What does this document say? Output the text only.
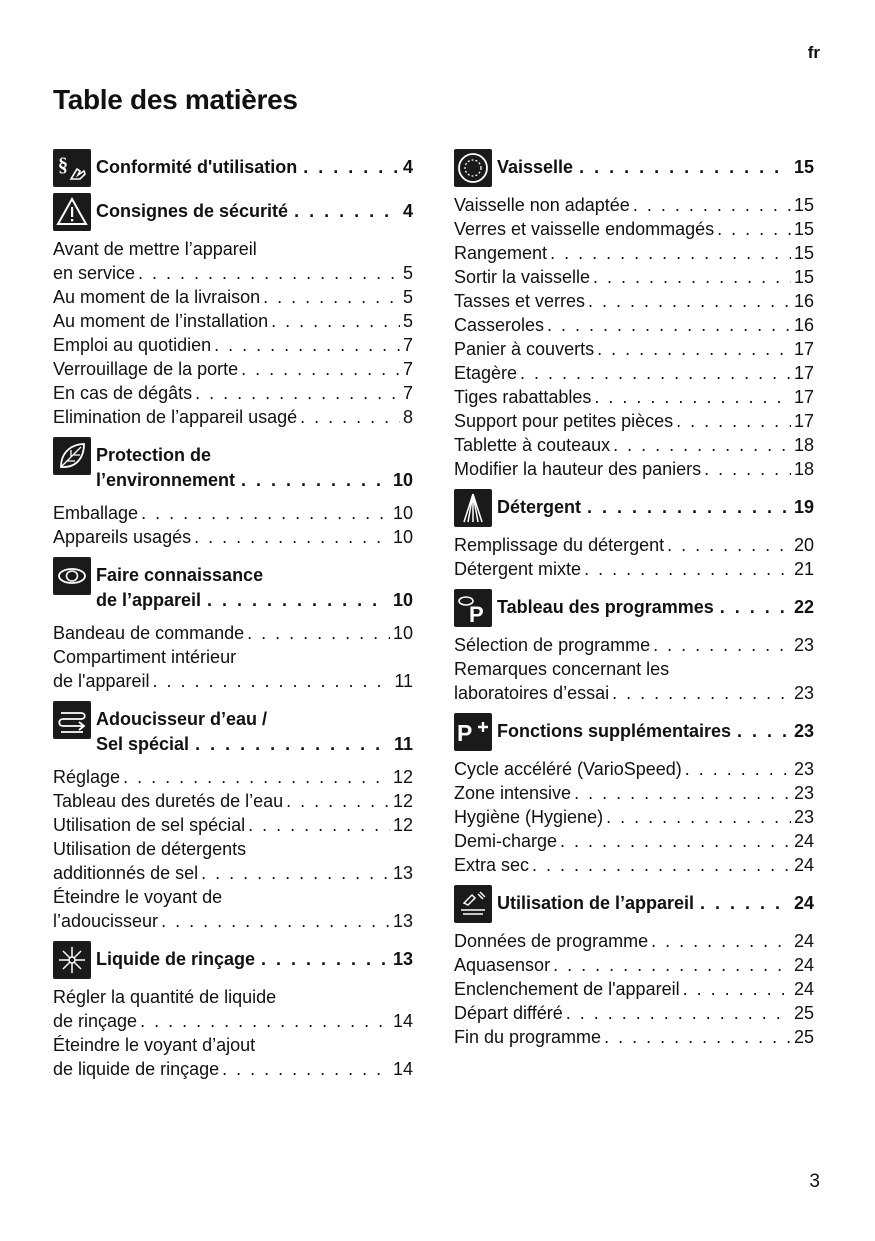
fr
Table des matières
§ Conformité d'utilisation . . .	4
Consignes de sécurité . . .	4
Avant de mettre l’appareil
en service . . .	5
Au moment de la livraison . . .	5
Au moment de l’installation . . .	5
Emploi au quotidien . . .	7
Verrouillage de la porte . . .	7
En cas de dégâts . . .	7
Elimination de l’appareil usagé . . .	8
Protection de
l’environnement . . .	10
Emballage . . .	10
Appareils usagés . . .	10
Faire connaissance
de l’appareil . . .	10
Bandeau de commande . . .	10
Compartiment intérieur
de l'appareil . . .	11
Adoucisseur d’eau /
Sel spécial . . .	11
Réglage . . .	12
Tableau des duretés de l’eau . . .	12
Utilisation de sel spécial . . .	12
Utilisation de détergents
additionnés de sel . . .	13
Éteindre le voyant de
l’adoucisseur . . .	13
Liquide de rinçage . . .	13
Régler la quantité de liquide
de rinçage . . .	14
Éteindre le voyant d’ajout
de liquide de rinçage . . .	14
Vaisselle . . .	15
Vaisselle non adaptée . . .	15
Verres et vaisselle endommagés . . .	15
Rangement . . .	15
Sortir la vaisselle . . .	15
Tasses et verres . . .	16
Casseroles . . .	16
Panier à couverts . . .	17
Etagère . . .	17
Tiges rabattables . . .	17
Support pour petites pièces . . .	17
Tablette à couteaux . . .	18
Modifier la hauteur des paniers . . .	18
Détergent . . .	19
Remplissage du détergent . . .	20
Détergent mixte . . .	21
P Tableau des programmes . . .	22
Sélection de programme . . .	23
Remarques concernant les
laboratoires d’essai . . .	23
P Fonctions supplémentaires . . .	23
Cycle accéléré (VarioSpeed) . . .	23
Zone intensive . . .	23
Hygiène (Hygiene) . . .	23
Demi-charge . . .	24
Extra sec . . .	24
Utilisation de l’appareil . . .	24
Données de programme . . .	24
Aquasensor . . .	24
Enclenchement de l'appareil . . .	24
Départ différé . . .	25
Fin du programme . . .	25
3
